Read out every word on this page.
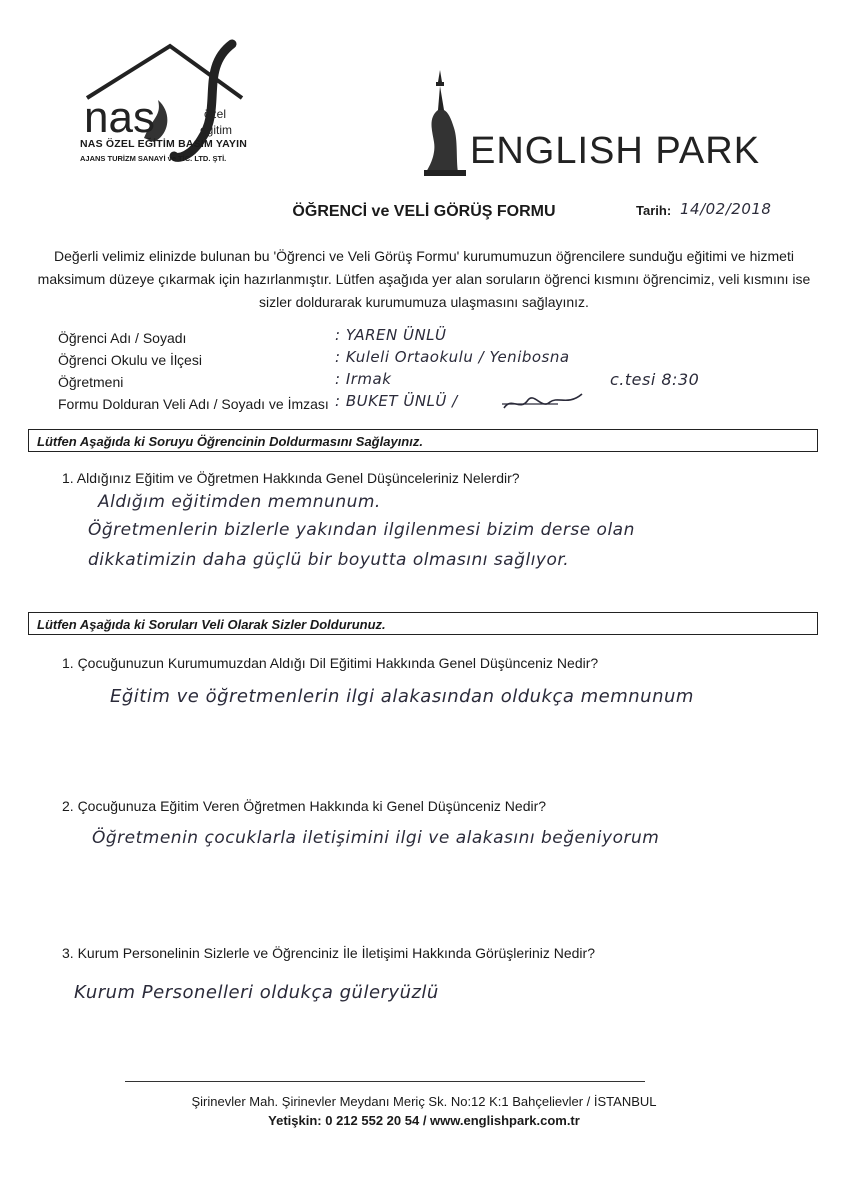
nas	özel
eğitim
NAS ÖZEL EĞİTİM BASIM YAYIN
AJANS TURİZM SANAYİ ve TİC. LTD. ŞTİ.	ENGLISH PARK
ÖĞRENCİ ve VELİ GÖRÜŞ FORMU	Tarih: 14/02/2018
Değerli velimiz elinizde bulunan bu 'Öğrenci ve Veli Görüş Formu' kurumumuzun öğrencilere sunduğu eğitimi ve hizmeti maksimum düzeye çıkarmak için hazırlanmıştır. Lütfen aşağıda yer alan soruların öğrenci kısmını öğrencimiz, veli kısmını ise sizler doldurarak kurumumuza ulaşmasını sağlayınız.
Öğrenci Adı / Soyadı	: YAREN ÜNLÜ
Öğrenci Okulu ve İlçesi	: Kuleli Ortaokulu / Yenibosna
Öğretmeni	: Irmak	c.tesi 8:30
Formu Dolduran Veli Adı / Soyadı ve İmzası : BUKET ÜNLÜ /
Lütfen Aşağıda ki Soruyu Öğrencinin Doldurmasını Sağlayınız.
1. Aldığınız Eğitim ve Öğretmen Hakkında Genel Düşünceleriniz Nelerdir?
Aldığım eğitimden memnunum.
Öğretmenlerin bizlerle yakından ilgilenmesi bizim derse olan
dikkatimizin daha güçlü bir boyutta olmasını sağlıyor.
Lütfen Aşağıda ki Soruları Veli Olarak Sizler Doldurunuz.
1. Çocuğunuzun Kurumumuzdan Aldığı Dil Eğitimi Hakkında Genel Düşünceniz Nedir?
Eğitim ve öğretmenlerin ilgi alakasından oldukça memnunum
2. Çocuğunuza Eğitim Veren Öğretmen Hakkında ki Genel Düşünceniz Nedir?
Öğretmenin çocuklarla iletişimini ilgi ve alakasını beğeniyorum
3. Kurum Personelinin Sizlerle ve Öğrenciniz İle İletişimi Hakkında Görüşleriniz Nedir?
Kurum Personelleri oldukça güleryüzlü
Şirinevler Mah. Şirinevler Meydanı Meriç Sk. No:12 K:1 Bahçelievler / İSTANBUL
Yetişkin: 0 212 552 20 54 / www.englishpark.com.tr
